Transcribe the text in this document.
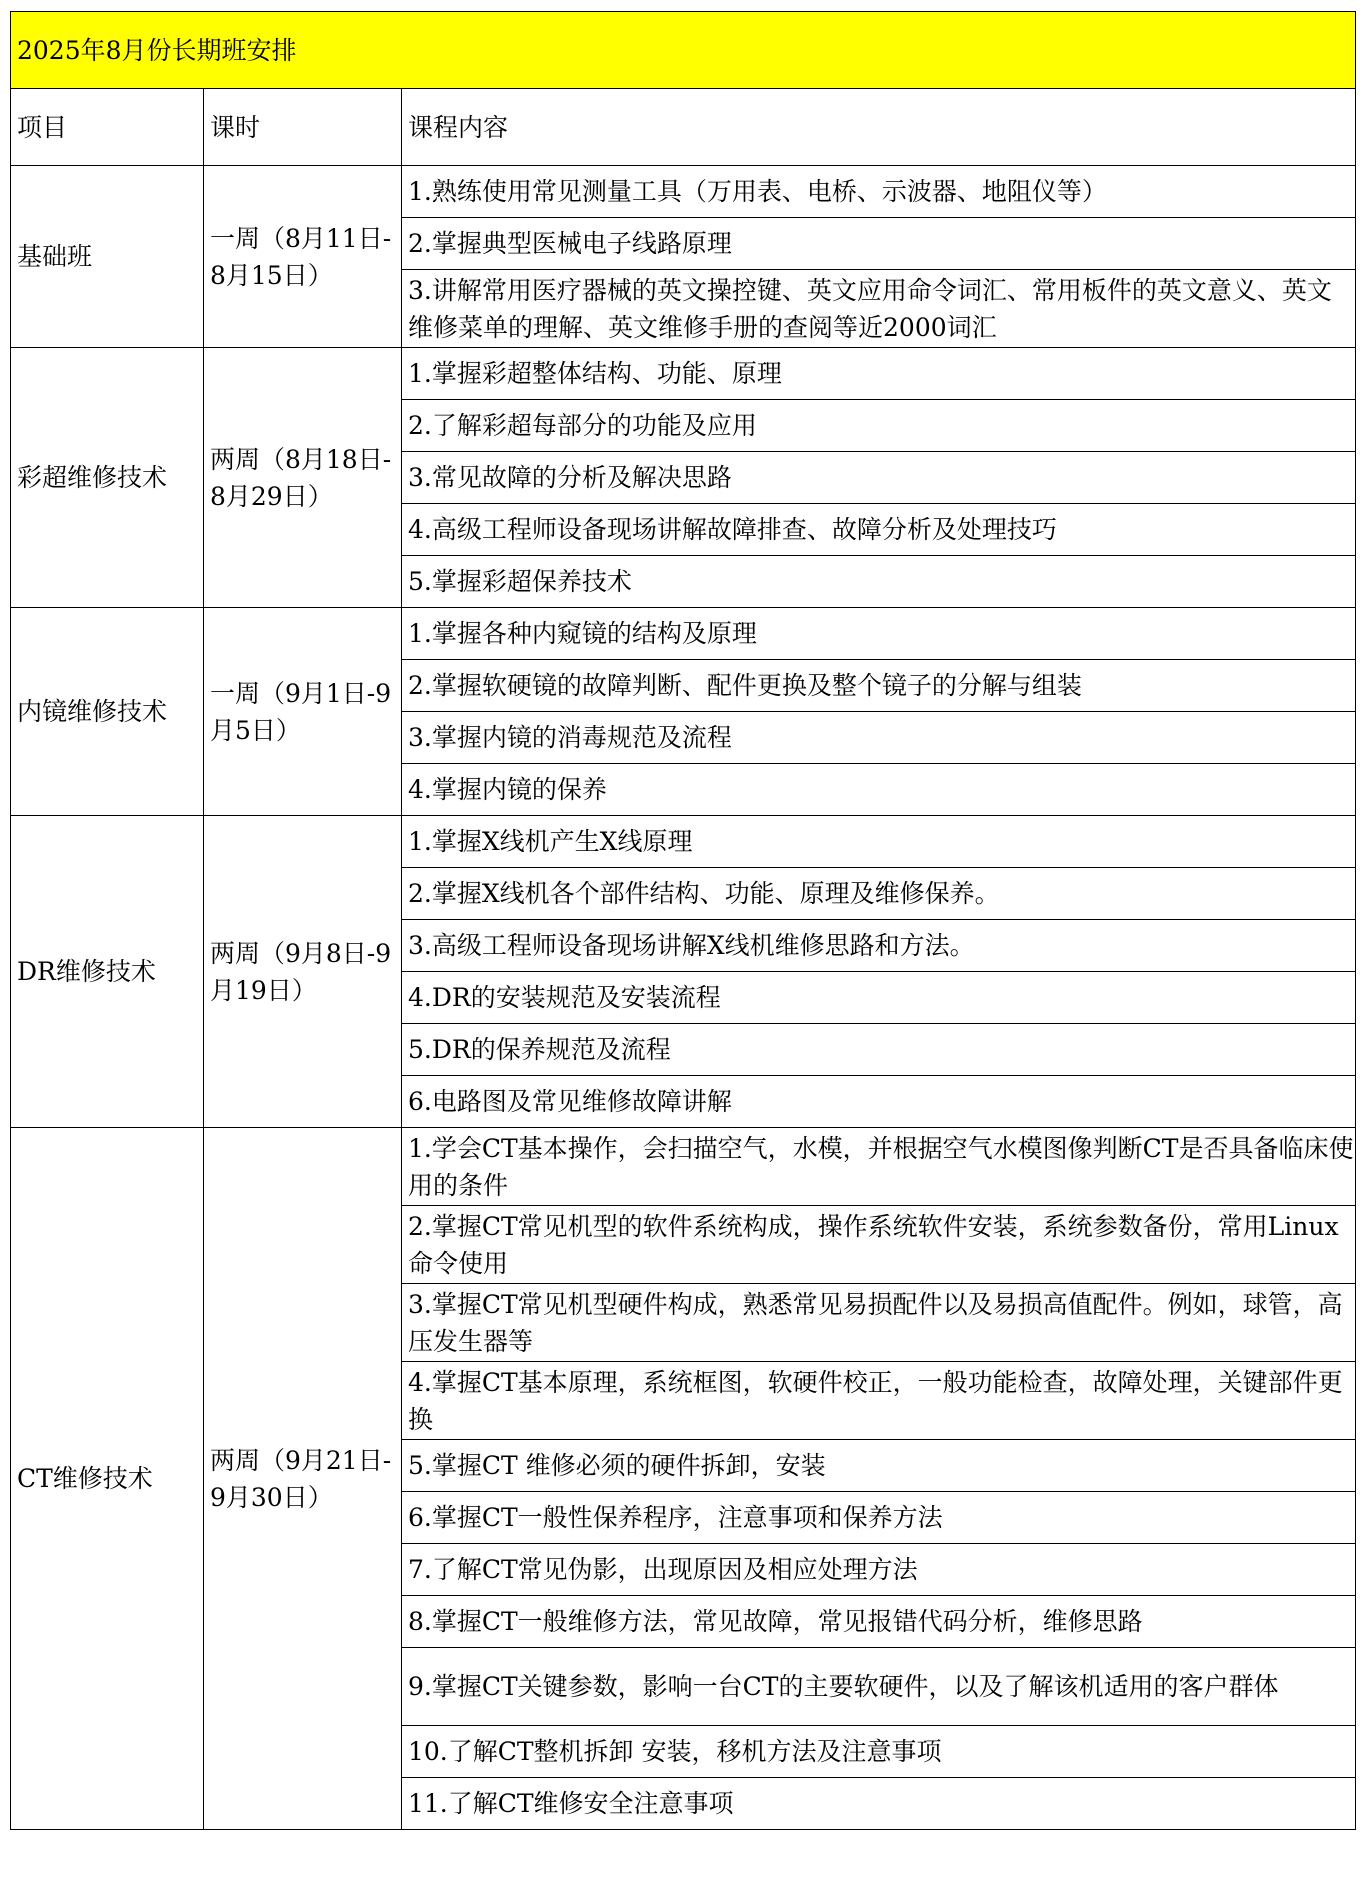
2025年8月份长期班安排		
项目	课时	课程内容
基础班	一周（8月11日-8月15日）	1.熟练使用常见测量工具（万用表、电桥、示波器、地阻仪等）
		2.掌握典型医械电子线路原理
		3.讲解常用医疗器械的英文操控键、英文应用命令词汇、常用板件的英文意义、英文维修菜单的理解、英文维修手册的查阅等近2000词汇
彩超维修技术	两周（8月18日-8月29日）	1.掌握彩超整体结构、功能、原理
		2.了解彩超每部分的功能及应用
		3.常见故障的分析及解决思路
		4.高级工程师设备现场讲解故障排查、故障分析及处理技巧
		5.掌握彩超保养技术
内镜维修技术	一周（9月1日-9月5日）	1.掌握各种内窥镜的结构及原理
		2.掌握软硬镜的故障判断、配件更换及整个镜子的分解与组装
		3.掌握内镜的消毒规范及流程
		4.掌握内镜的保养
DR维修技术	两周（9月8日-9月19日）	1.掌握X线机产生X线原理
		2.掌握X线机各个部件结构、功能、原理及维修保养。
		3.高级工程师设备现场讲解X线机维修思路和方法。
		4.DR的安装规范及安装流程
		5.DR的保养规范及流程
		6.电路图及常见维修故障讲解
CT维修技术	两周（9月21日-9月30日）	1.学会CT基本操作，会扫描空气，水模，并根据空气水模图像判断CT是否具备临床使用的条件
		2.掌握CT常见机型的软件系统构成，操作系统软件安装，系统参数备份，常用Linux命令使用
		3.掌握CT常见机型硬件构成，熟悉常见易损配件以及易损高值配件。例如，球管，高压发生器等
		4.掌握CT基本原理，系统框图，软硬件校正，一般功能检查，故障处理，关键部件更换
		5.掌握CT 维修必须的硬件拆卸，安装
		6.掌握CT一般性保养程序，注意事项和保养方法
		7.了解CT常见伪影，出现原因及相应处理方法
		8.掌握CT一般维修方法，常见故障，常见报错代码分析，维修思路
		9.掌握CT关键参数，影响一台CT的主要软硬件，以及了解该机适用的客户群体
		10.了解CT整机拆卸 安装，移机方法及注意事项
		11.了解CT维修安全注意事项
